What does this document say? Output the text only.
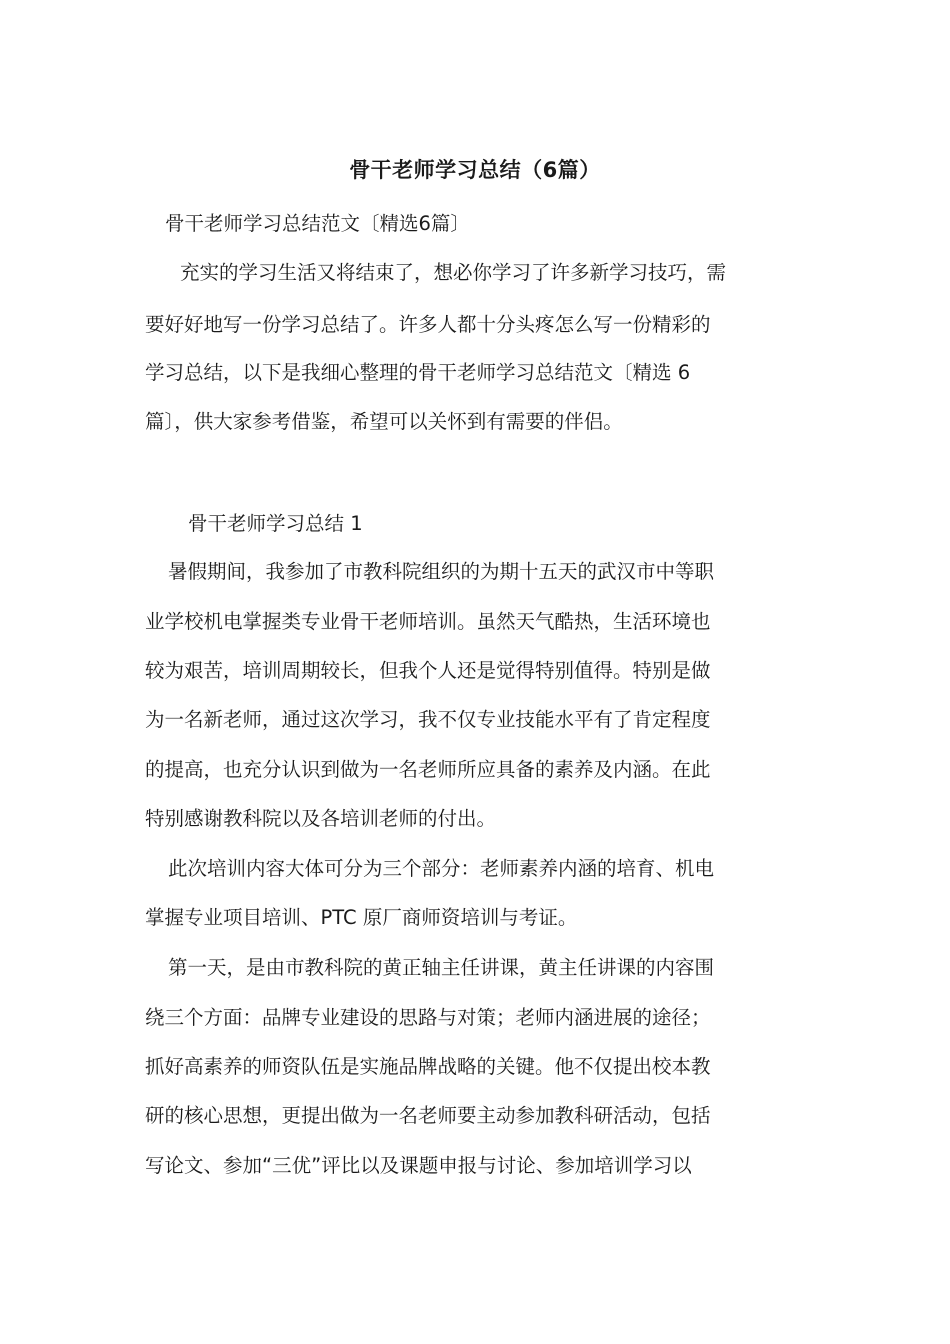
骨干老师学习总结（6篇）
骨干老师学习总结范文〔精选6篇〕
充实的学习生活又将结束了，想必你学习了许多新学习技巧，需
要好好地写一份学习总结了。许多人都十分头疼怎么写一份精彩的
学习总结，以下是我细心整理的骨干老师学习总结范文〔精选 6
篇〕，供大家参考借鉴，希望可以关怀到有需要的伴侣。
骨干老师学习总结 1
暑假期间，我参加了市教科院组织的为期十五天的武汉市中等职
业学校机电掌握类专业骨干老师培训。虽然天气酷热，生活环境也
较为艰苦，培训周期较长，但我个人还是觉得特别值得。特别是做
为一名新老师，通过这次学习，我不仅专业技能水平有了肯定程度
的提高，也充分认识到做为一名老师所应具备的素养及内涵。在此
特别感谢教科院以及各培训老师的付出。
此次培训内容大体可分为三个部分：老师素养内涵的培育、机电
掌握专业项目培训、PTC 原厂商师资培训与考证。
第一天，是由市教科院的黄正轴主任讲课，黄主任讲课的内容围
绕三个方面：品牌专业建设的思路与对策；老师内涵进展的途径；
抓好高素养的师资队伍是实施品牌战略的关键。他不仅提出校本教
研的核心思想，更提出做为一名老师要主动参加教科研活动，包括
写论文、参加“三优”评比以及课题申报与讨论、参加培训学习以
